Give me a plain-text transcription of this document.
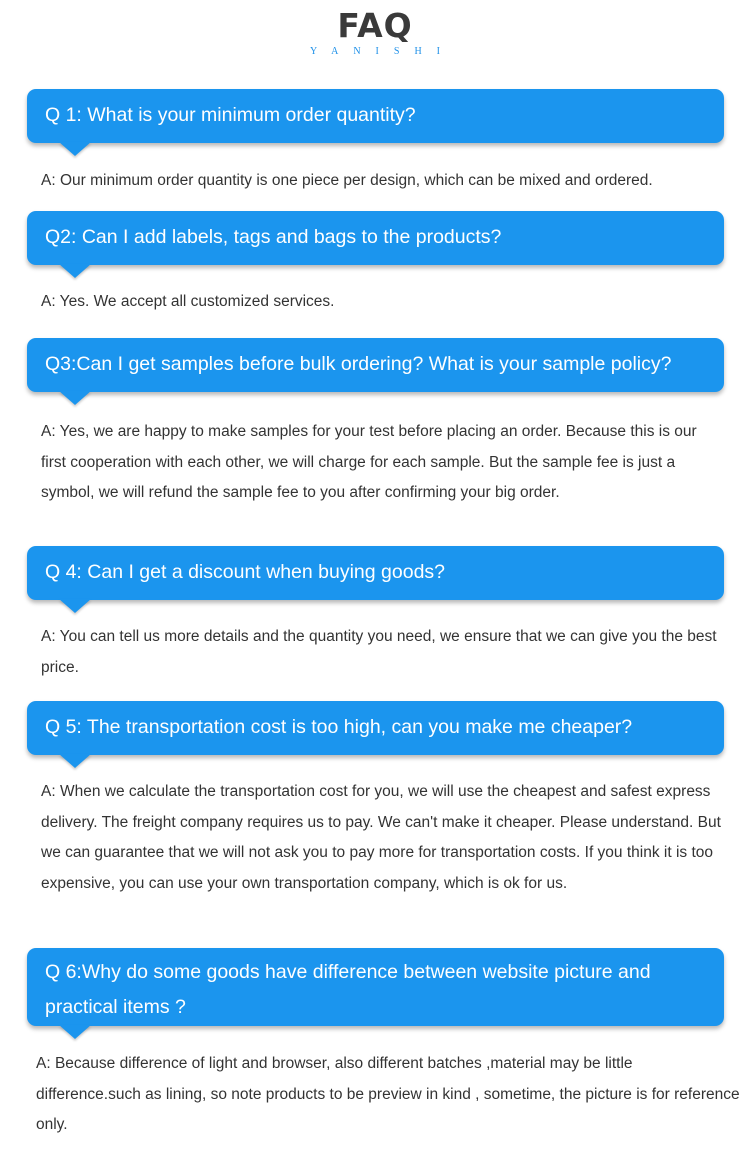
FAQ
YANISHI
Q 1: What is your minimum order quantity?
A: Our minimum order quantity is one piece per design, which can be mixed and ordered.
Q2: Can I add labels, tags and bags to the products?
A: Yes. We accept all customized services.
Q3:Can I get samples before bulk ordering? What is your sample policy?
A: Yes, we are happy to make samples for your test before placing an order. Because this is our first cooperation with each other, we will charge for each sample. But the sample fee is just a symbol, we will refund the sample fee to you after confirming your big order.
Q 4: Can I get a discount when buying goods?
A: You can tell us more details and the quantity you need, we ensure that we can give you the best price.
Q 5: The transportation cost is too high, can you make me cheaper?
A: When we calculate the transportation cost for you, we will use the cheapest and safest express delivery. The freight company requires us to pay. We can't make it cheaper. Please understand. But we can guarantee that we will not ask you to pay more for transportation costs. If you think it is too expensive, you can use your own transportation company, which is ok for us.
Q 6:Why do some goods have difference between website picture and practical items ?
A: Because difference of light and browser, also different batches ,material may be little difference.such as lining, so note products to be preview in kind , sometime, the picture is for reference only.
